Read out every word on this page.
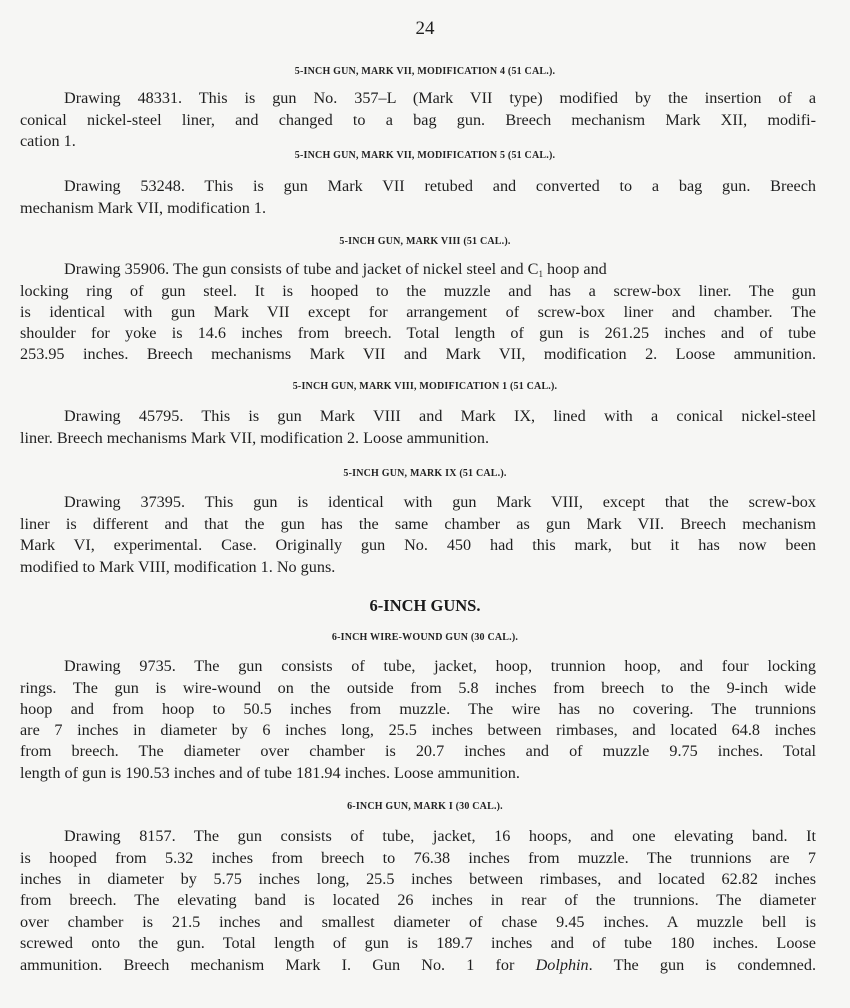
24
5-INCH GUN, MARK VII, MODIFICATION 4 (51 CAL.).
Drawing 48331. This is gun No. 357–L (Mark VII type) modified by the insertion of a
conical nickel-steel liner, and changed to a bag gun. Breech mechanism Mark XII, modifi-
cation 1.
5-INCH GUN, MARK VII, MODIFICATION 5 (51 CAL.).
Drawing 53248. This is gun Mark VII retubed and converted to a bag gun. Breech
mechanism Mark VII, modification 1.
5-INCH GUN, MARK VIII (51 CAL.).
Drawing 35906. The gun consists of tube and jacket of nickel steel and $C_1$ hoop and
locking ring of gun steel. It is hooped to the muzzle and has a screw-box liner. The gun
is identical with gun Mark VII except for arrangement of screw-box liner and chamber. The
shoulder for yoke is 14.6 inches from breech. Total length of gun is 261.25 inches and of tube
253.95 inches. Breech mechanisms Mark VII and Mark VII, modification 2. Loose ammunition.
5-INCH GUN, MARK VIII, MODIFICATION 1 (51 CAL.).
Drawing 45795. This is gun Mark VIII and Mark IX, lined with a conical nickel-steel
liner. Breech mechanisms Mark VII, modification 2. Loose ammunition.
5-INCH GUN, MARK IX (51 CAL.).
Drawing 37395. This gun is identical with gun Mark VIII, except that the screw-box
liner is different and that the gun has the same chamber as gun Mark VII. Breech mechanism
Mark VI, experimental. Case. Originally gun No. 450 had this mark, but it has now been
modified to Mark VIII, modification 1. No guns.
6-INCH GUNS.
6-INCH WIRE-WOUND GUN (30 CAL.).
Drawing 9735. The gun consists of tube, jacket, hoop, trunnion hoop, and four locking
rings. The gun is wire-wound on the outside from 5.8 inches from breech to the 9-inch wide
hoop and from hoop to 50.5 inches from muzzle. The wire has no covering. The trunnions
are 7 inches in diameter by 6 inches long, 25.5 inches between rimbases, and located 64.8 inches
from breech. The diameter over chamber is 20.7 inches and of muzzle 9.75 inches. Total
length of gun is 190.53 inches and of tube 181.94 inches. Loose ammunition.
6-INCH GUN, MARK I (30 CAL.).
Drawing 8157. The gun consists of tube, jacket, 16 hoops, and one elevating band. It
is hooped from 5.32 inches from breech to 76.38 inches from muzzle. The trunnions are 7
inches in diameter by 5.75 inches long, 25.5 inches between rimbases, and located 62.82 inches
from breech. The elevating band is located 26 inches in rear of the trunnions. The diameter
over chamber is 21.5 inches and smallest diameter of chase 9.45 inches. A muzzle bell is
screwed onto the gun. Total length of gun is 189.7 inches and of tube 180 inches. Loose
ammunition. Breech mechanism Mark I. Gun No. 1 for Dolphin. The gun is condemned.
